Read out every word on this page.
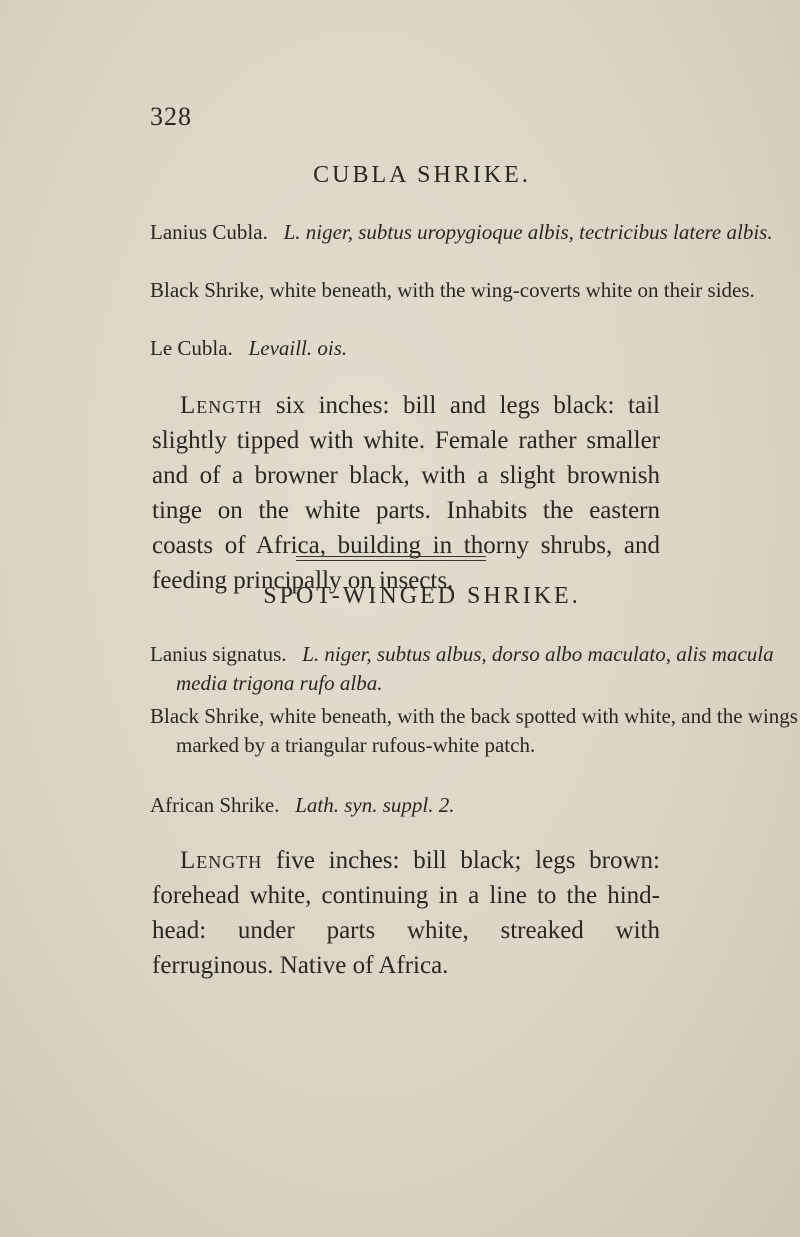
328
CUBLA SHRIKE.

Lanius Cubla. L. niger, subtus uropygioque albis, tectricibus latere albis.

Black Shrike, white beneath, with the wing-coverts white on their sides.

Le Cubla. Levaill. ois.

Length six inches: bill and legs black: tail slightly tipped with white. Female rather smaller and of a browner black, with a slight brownish tinge on the white parts. Inhabits the eastern coasts of Africa, building in thorny shrubs, and feeding principally on insects.

SPOT-WINGED SHRIKE.

Lanius signatus. L. niger, subtus albus, dorso albo maculato, alis macula media trigona rufo alba.

Black Shrike, white beneath, with the back spotted with white, and the wings marked by a triangular rufous-white patch.

African Shrike. Lath. syn. suppl. 2.

Length five inches: bill black; legs brown: forehead white, continuing in a line to the hind-head: under parts white, streaked with ferruginous. Native of Africa.
